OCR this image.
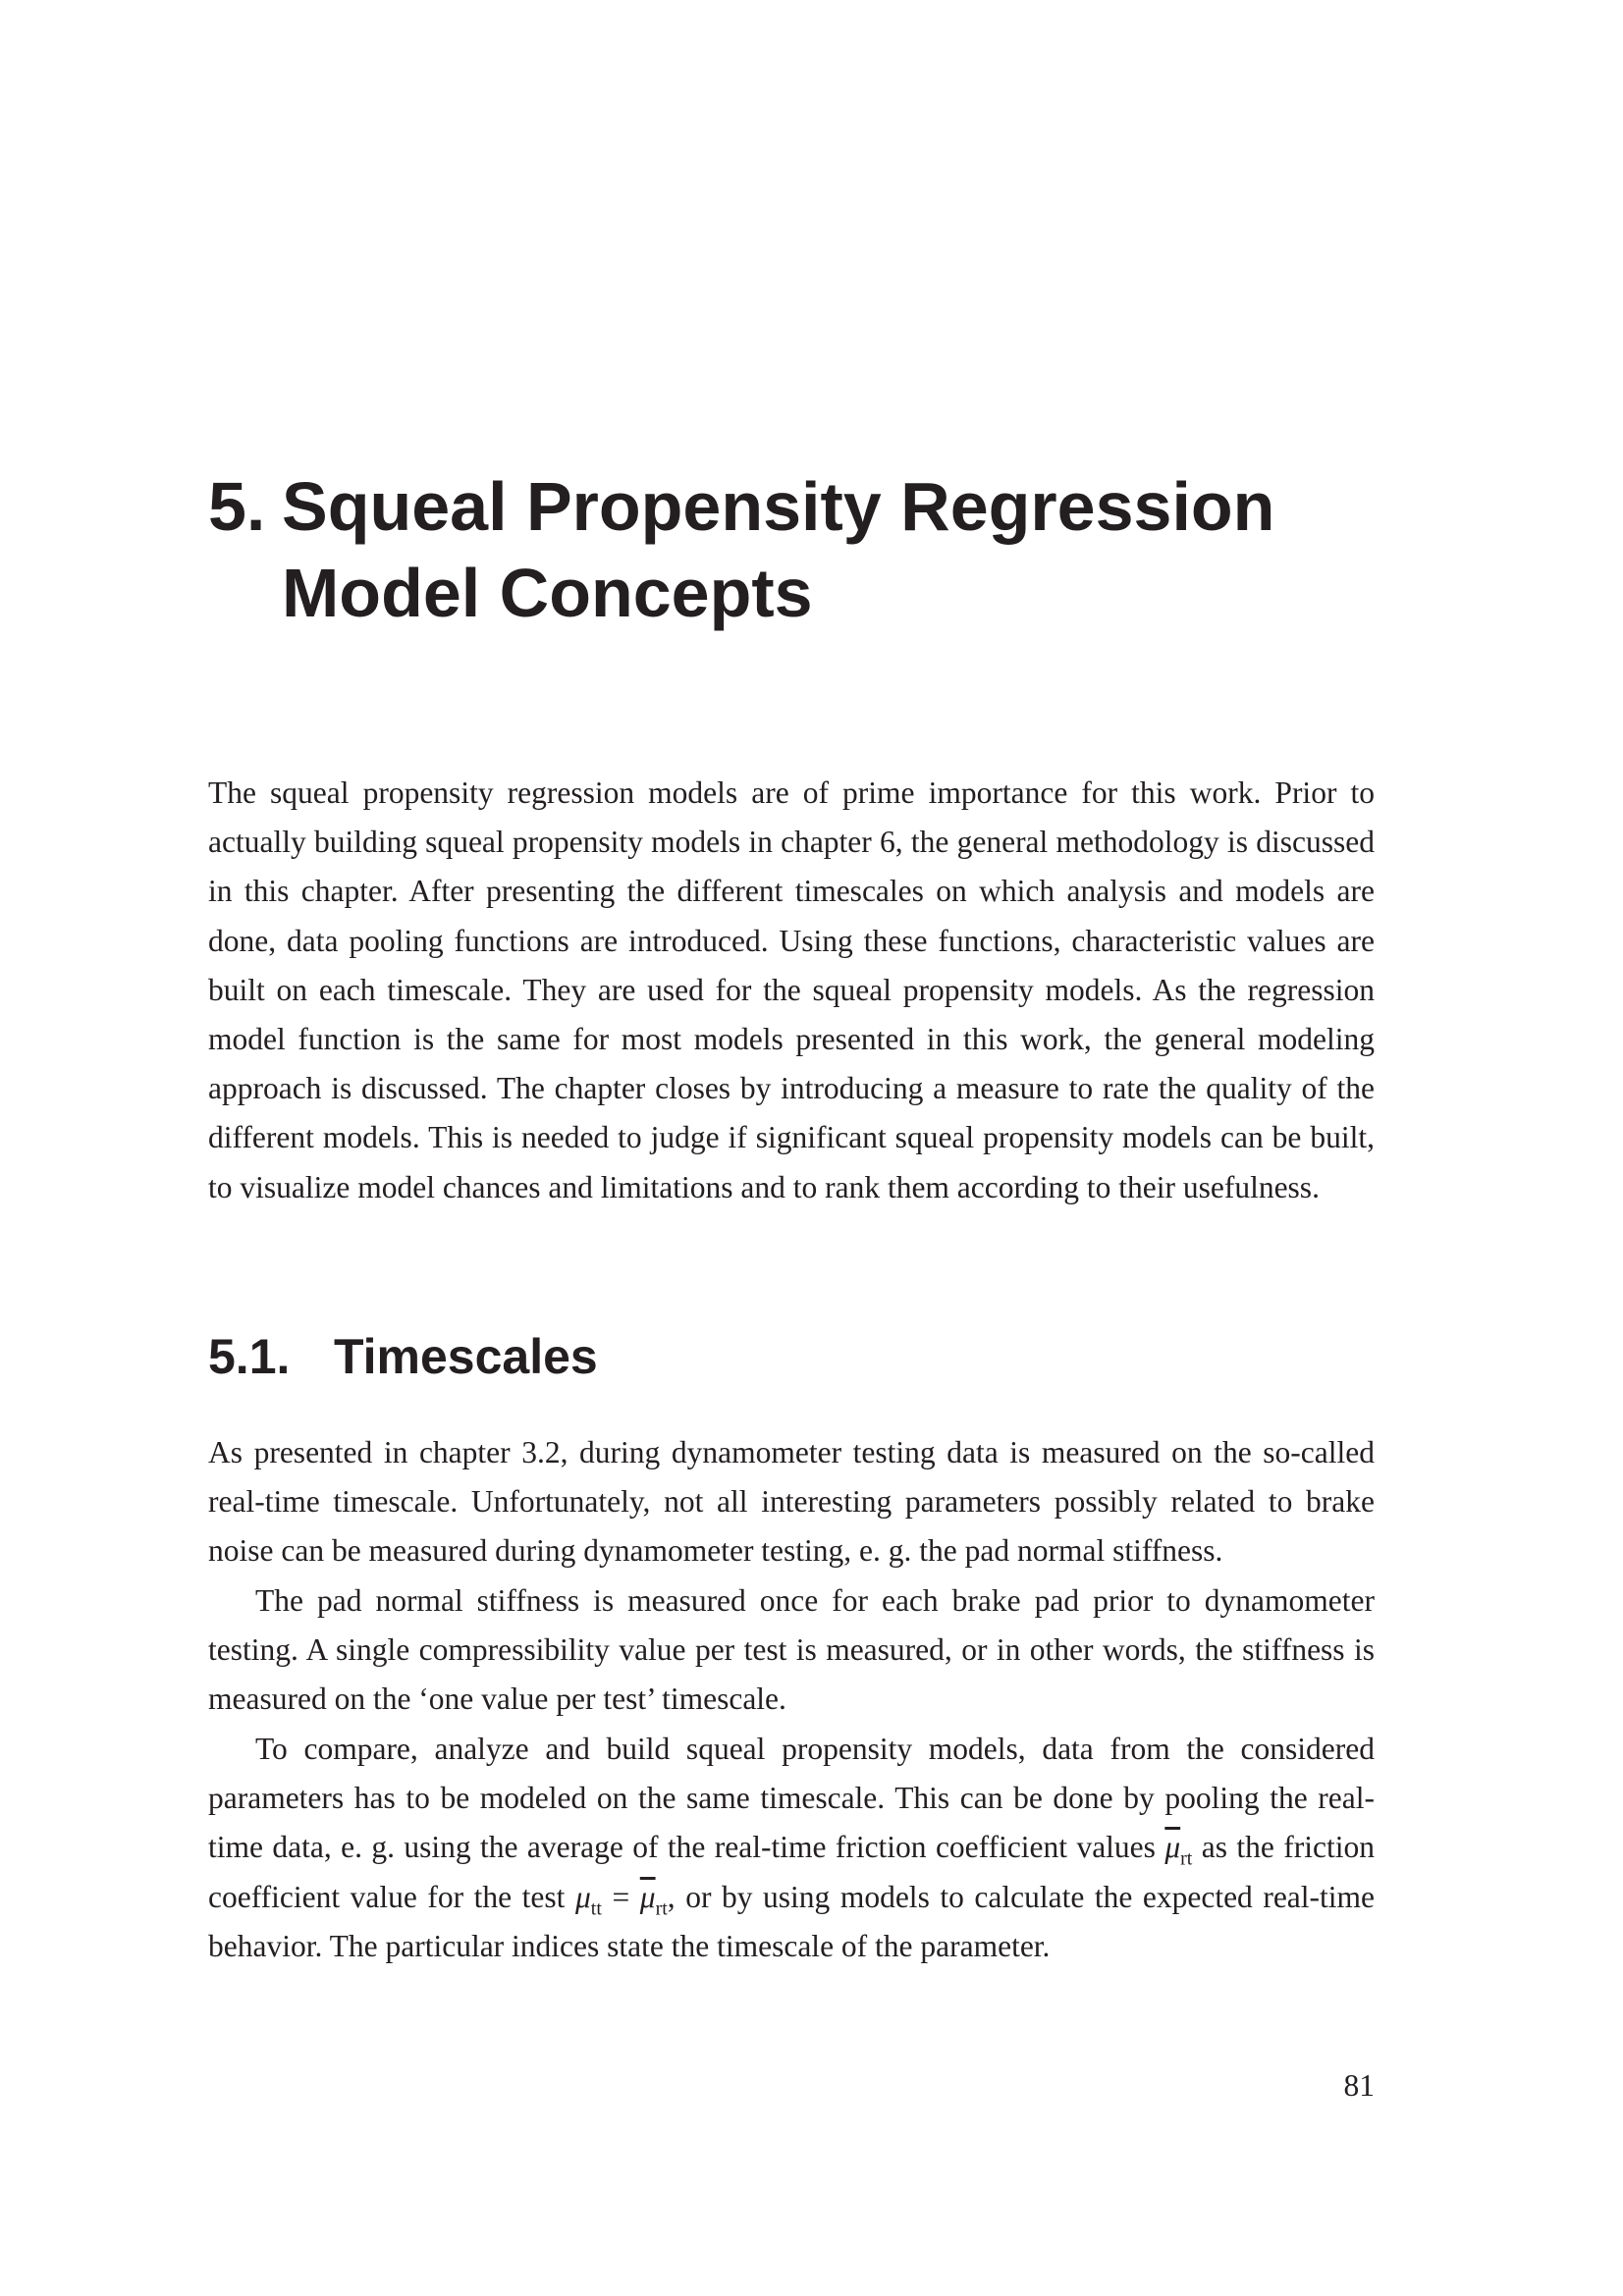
5. Squeal Propensity Regression
Model Concepts

The squeal propensity regression models are of prime importance for this work. Prior to actually building squeal propensity models in chapter 6, the general methodology is discussed in this chapter. After presenting the different timescales on which analysis and models are done, data pooling functions are introduced. Using these functions, characteristic values are built on each timescale. They are used for the squeal propensity models. As the regression model function is the same for most models presented in this work, the general modeling approach is discussed. The chapter closes by introducing a measure to rate the quality of the different models. This is needed to judge if significant squeal propensity models can be built, to visualize model chances and limitations and to rank them according to their usefulness.

5.1. Timescales

As presented in chapter 3.2, during dynamometer testing data is measured on the so-called real-time timescale. Unfortunately, not all interesting parameters possibly related to brake noise can be measured during dynamometer testing, e. g. the pad normal stiffness.

The pad normal stiffness is measured once for each brake pad prior to dynamometer testing. A single compressibility value per test is measured, or in other words, the stiffness is measured on the ‘one value per test’ timescale.

To compare, analyze and build squeal propensity models, data from the considered parameters has to be modeled on the same timescale. This can be done by pooling the real-time data, e. g. using the average of the real-time friction coefficient values $\overline{\mu}_{rt}$ as the friction coefficient value for the test $\mu_{tt} = \overline{\mu}_{rt}$, or by using models to calculate the expected real-time behavior. The particular indices state the timescale of the parameter.

81
